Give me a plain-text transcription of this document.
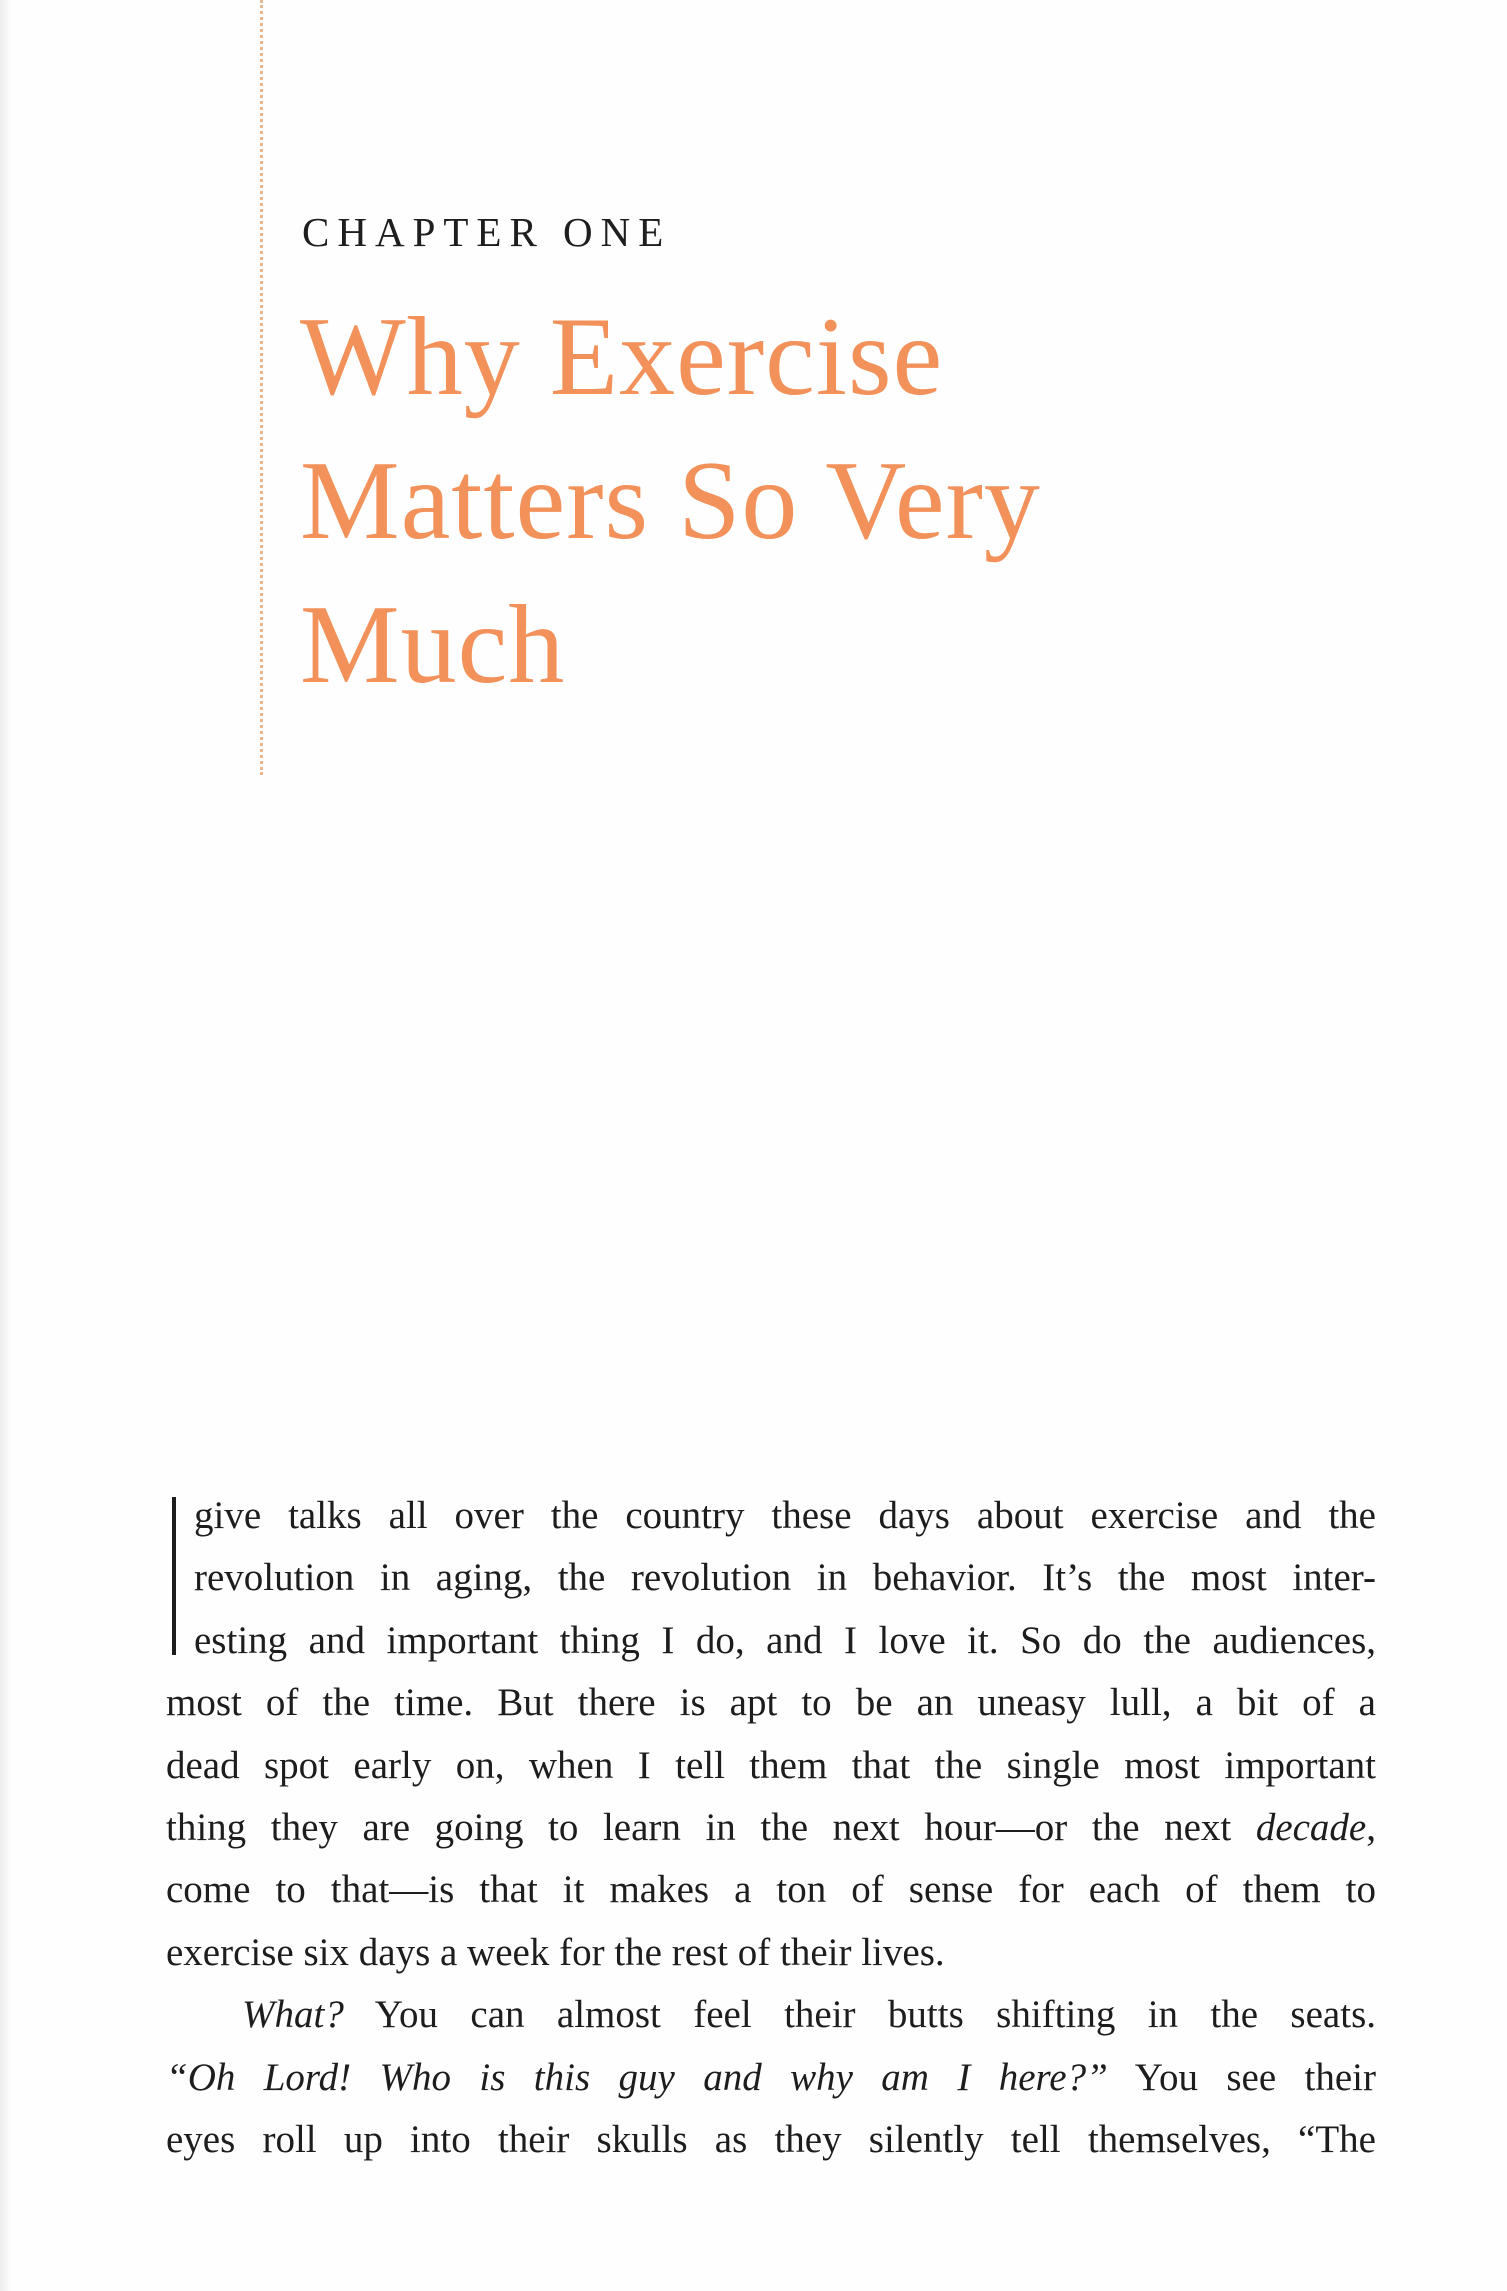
CHAPTER ONE
Why Exercise
Matters So Very
Much

give talks all over the country these days about exercise and the
revolution in aging, the revolution in behavior. It’s the most inter-
esting and important thing I do, and I love it. So do the audiences,
most of the time. But there is apt to be an uneasy lull, a bit of a
dead spot early on, when I tell them that the single most important
thing they are going to learn in the next hour—or the next decade,
come to that—is that it makes a ton of sense for each of them to
exercise six days a week for the rest of their lives.

What? You can almost feel their butts shifting in the seats.
“Oh Lord! Who is this guy and why am I here?” You see their
eyes roll up into their skulls as they silently tell themselves, “The
